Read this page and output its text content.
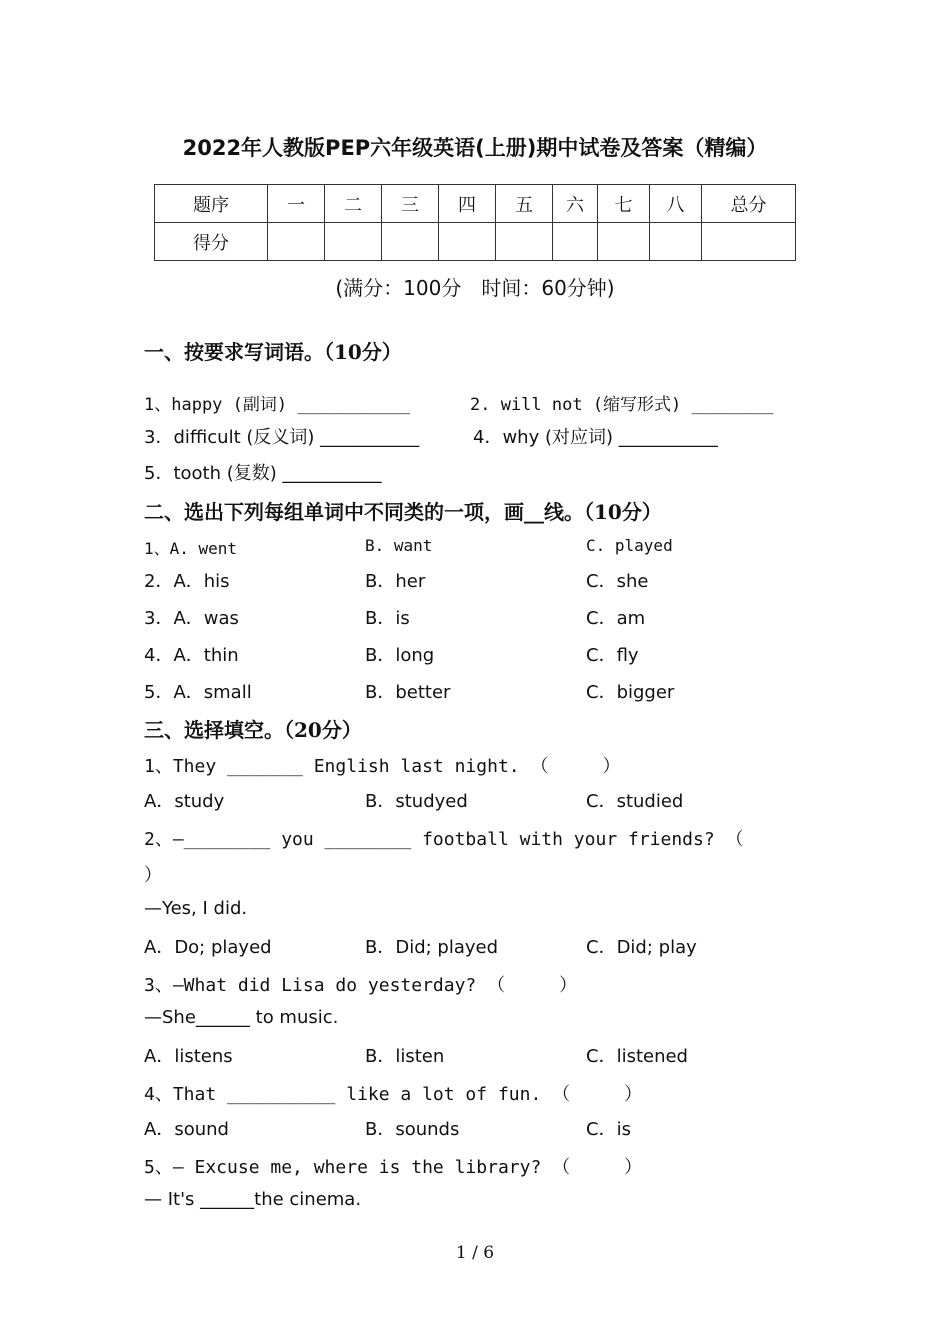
2022年人教版PEP六年级英语(上册)期中试卷及答案（精编）
题序	一	二	三	四	五	六	七	八	总分
得分									
(满分：100分　时间：60分钟)
一、按要求写词语。（10分）
1、happy (副词) ___________	2. will not (缩写形式) ________
3．difficult (反义词) ___________	4．why (对应词) ___________
5．tooth (复数) ___________
二、选出下列每组单词中不同类的一项，画__线。（10分）
1、A. went	B. want	C. played
2．A．his	B．her	C．she
3．A．was	B．is	C．am
4．A．thin	B．long	C．fly
5．A．small	B．better	C．bigger
三、选择填空。（20分）
1、They _______ English last night. （　　　）
A．study	B．studyed	C．studied
2、—________ you ________ football with your friends? （
）
—Yes, I did.
A．Do; played	B．Did; played	C．Did; play
3、—What did Lisa do yesterday? （　　　）
—She______ to music.
A．listens	B．listen	C．listened
4、That __________ like a lot of fun. （　　　）
A．sound	B．sounds	C．is
5、— Excuse me, where is the library? （　　　）
— It's ______the cinema.
1 / 6
